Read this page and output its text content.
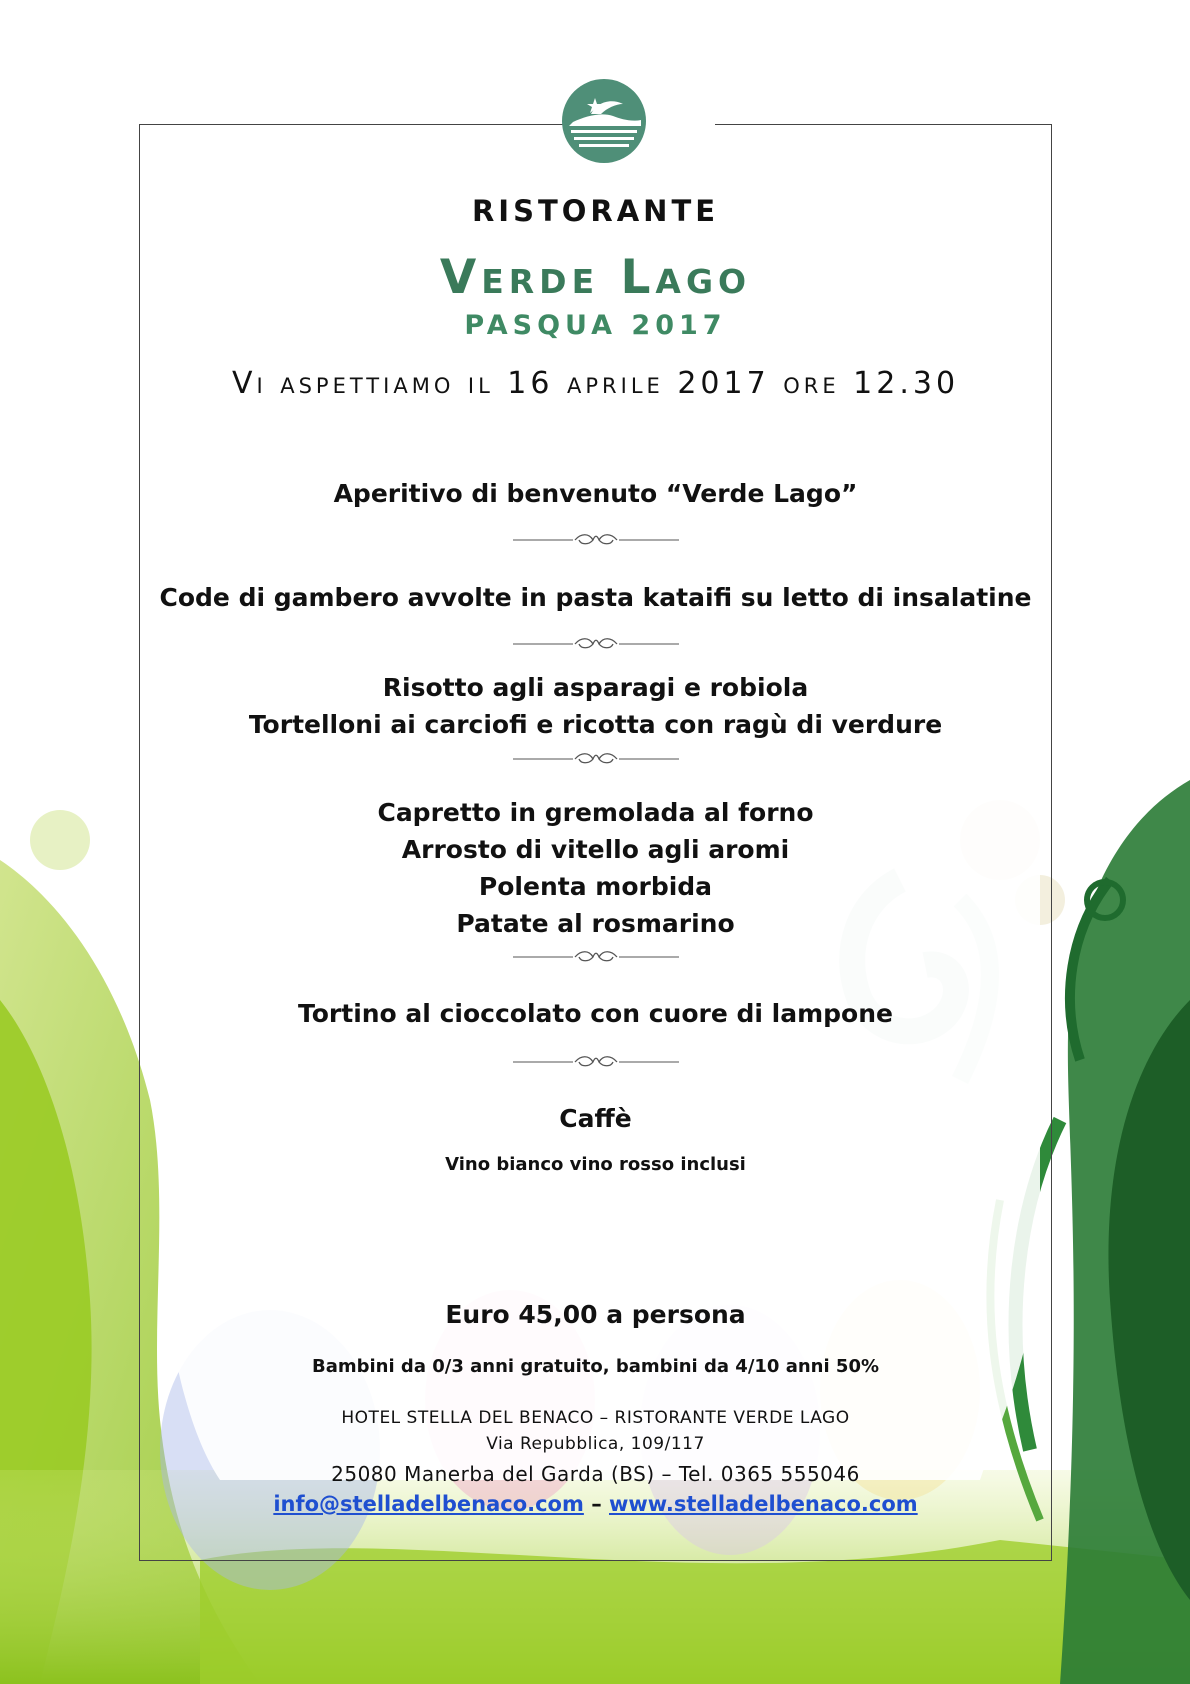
RISTORANTE
Verde Lago
PASQUA 2017
Vi aspettiamo il 16 aprile 2017 ore 12.30
Aperitivo di benvenuto “Verde Lago”
Code di gambero avvolte in pasta kataifi su letto di insalatine
Risotto agli asparagi e robiola
Tortelloni ai carciofi e ricotta con ragù di verdure
Capretto in gremolada al forno
Arrosto di vitello agli aromi
Polenta morbida
Patate al rosmarino
Tortino al cioccolato con cuore di lampone
Caffè
Vino bianco vino rosso inclusi
Euro 45,00 a persona
Bambini da 0/3 anni gratuito, bambini da 4/10 anni 50%
HOTEL STELLA DEL BENACO – RISTORANTE VERDE LAGO
Via Repubblica, 109/117
25080 Manerba del Garda (BS) – Tel. 0365 555046
info@stelladelbenaco.com – www.stelladelbenaco.com
